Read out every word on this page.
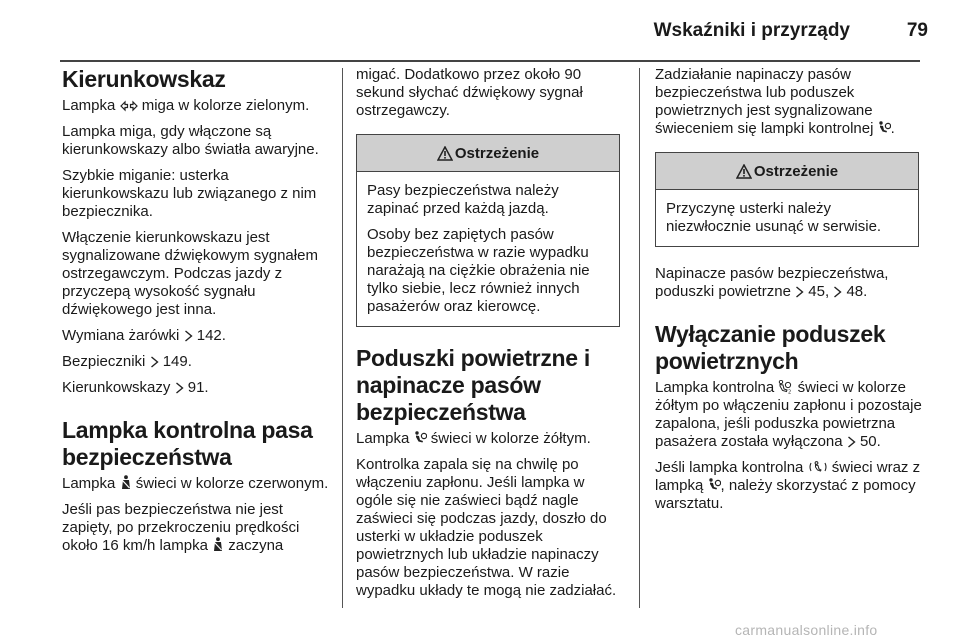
Wskaźniki i przyrządy	79
Kierunkowskaz

Lampka miga w kolorze zielonym.

Lampka miga, gdy włączone są kierunkowskazy albo światła awaryjne.

Szybkie miganie: usterka kierunkowskazu lub związanego z nim bezpiecznika.

Włączenie kierunkowskazu jest sygnalizowane dźwiękowym sygnałem ostrzegawczym. Podczas jazdy z przyczepą wysokość sygnału dźwiękowego jest inna.

Wymiana żarówki 142.

Bezpieczniki 149.

Kierunkowskazy 91.

Lampka kontrolna pasa bezpieczeństwa

Lampka świeci w kolorze czerwonym.

Jeśli pas bezpieczeństwa nie jest zapięty, po przekroczeniu prędkości około 16 km/h lampka zaczyna

migać. Dodatkowo przez około 90 sekund słychać dźwiękowy sygnał ostrzegawczy.

Ostrzeżenie

Pasy bezpieczeństwa należy zapinać przed każdą jazdą.

Osoby bez zapiętych pasów bezpieczeństwa w razie wypadku narażają na ciężkie obrażenia nie tylko siebie, lecz również innych pasażerów oraz kierowcę.

Poduszki powietrzne i napinacze pasów bezpieczeństwa

Lampka świeci w kolorze żółtym.

Kontrolka zapala się na chwilę po włączeniu zapłonu. Jeśli lampka w ogóle się nie zaświeci bądź nagle zaświeci się podczas jazdy, doszło do usterki w układzie poduszek powietrznych lub układzie napinaczy pasów bezpieczeństwa. W razie wypadku układy te mogą nie zadziałać.

Zadziałanie napinaczy pasów bezpieczeństwa lub poduszek powietrznych jest sygnalizowane świeceniem się lampki kontrolnej .

Ostrzeżenie

Przyczynę usterki należy niezwłocznie usunąć w serwisie.

Napinacze pasów bezpieczeństwa, poduszki powietrzne 45, 48.

Wyłączanie poduszek powietrznych

Lampka kontrolna	2 świeci w kolorze żółtym po włączeniu zapłonu i pozostaje zapalona, jeśli poduszka powietrzna pasażera została wyłączona 50.

Jeśli lampka kontrolna świeci wraz z lampką , należy skorzystać z pomocy warsztatu.

carmanualsonline.info
